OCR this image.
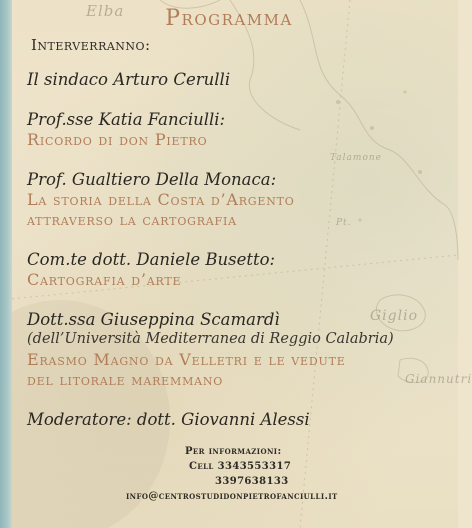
Elba
Talamone
Pt.
Giglio
Giannutri
Programma
Interverranno:
Il sindaco Arturo Cerulli
Prof.sse Katia Fanciulli:
Ricordo di don Pietro
Prof. Gualtiero Della Monaca:
La storia della Costa d’Argento
attraverso la cartografia
Com.te dott. Daniele Busetto:
Cartografia d’arte
Dott.ssa Giuseppina Scamardì
(dell’Università Mediterranea di Reggio Calabria)
Erasmo Magno da Velletri e le vedute
del litorale maremmano
Moderatore: dott. Giovanni Alessi
Per informazioni:
Cell 3343553317
3397638133
info@centrostudidonpietrofanciulli.it
